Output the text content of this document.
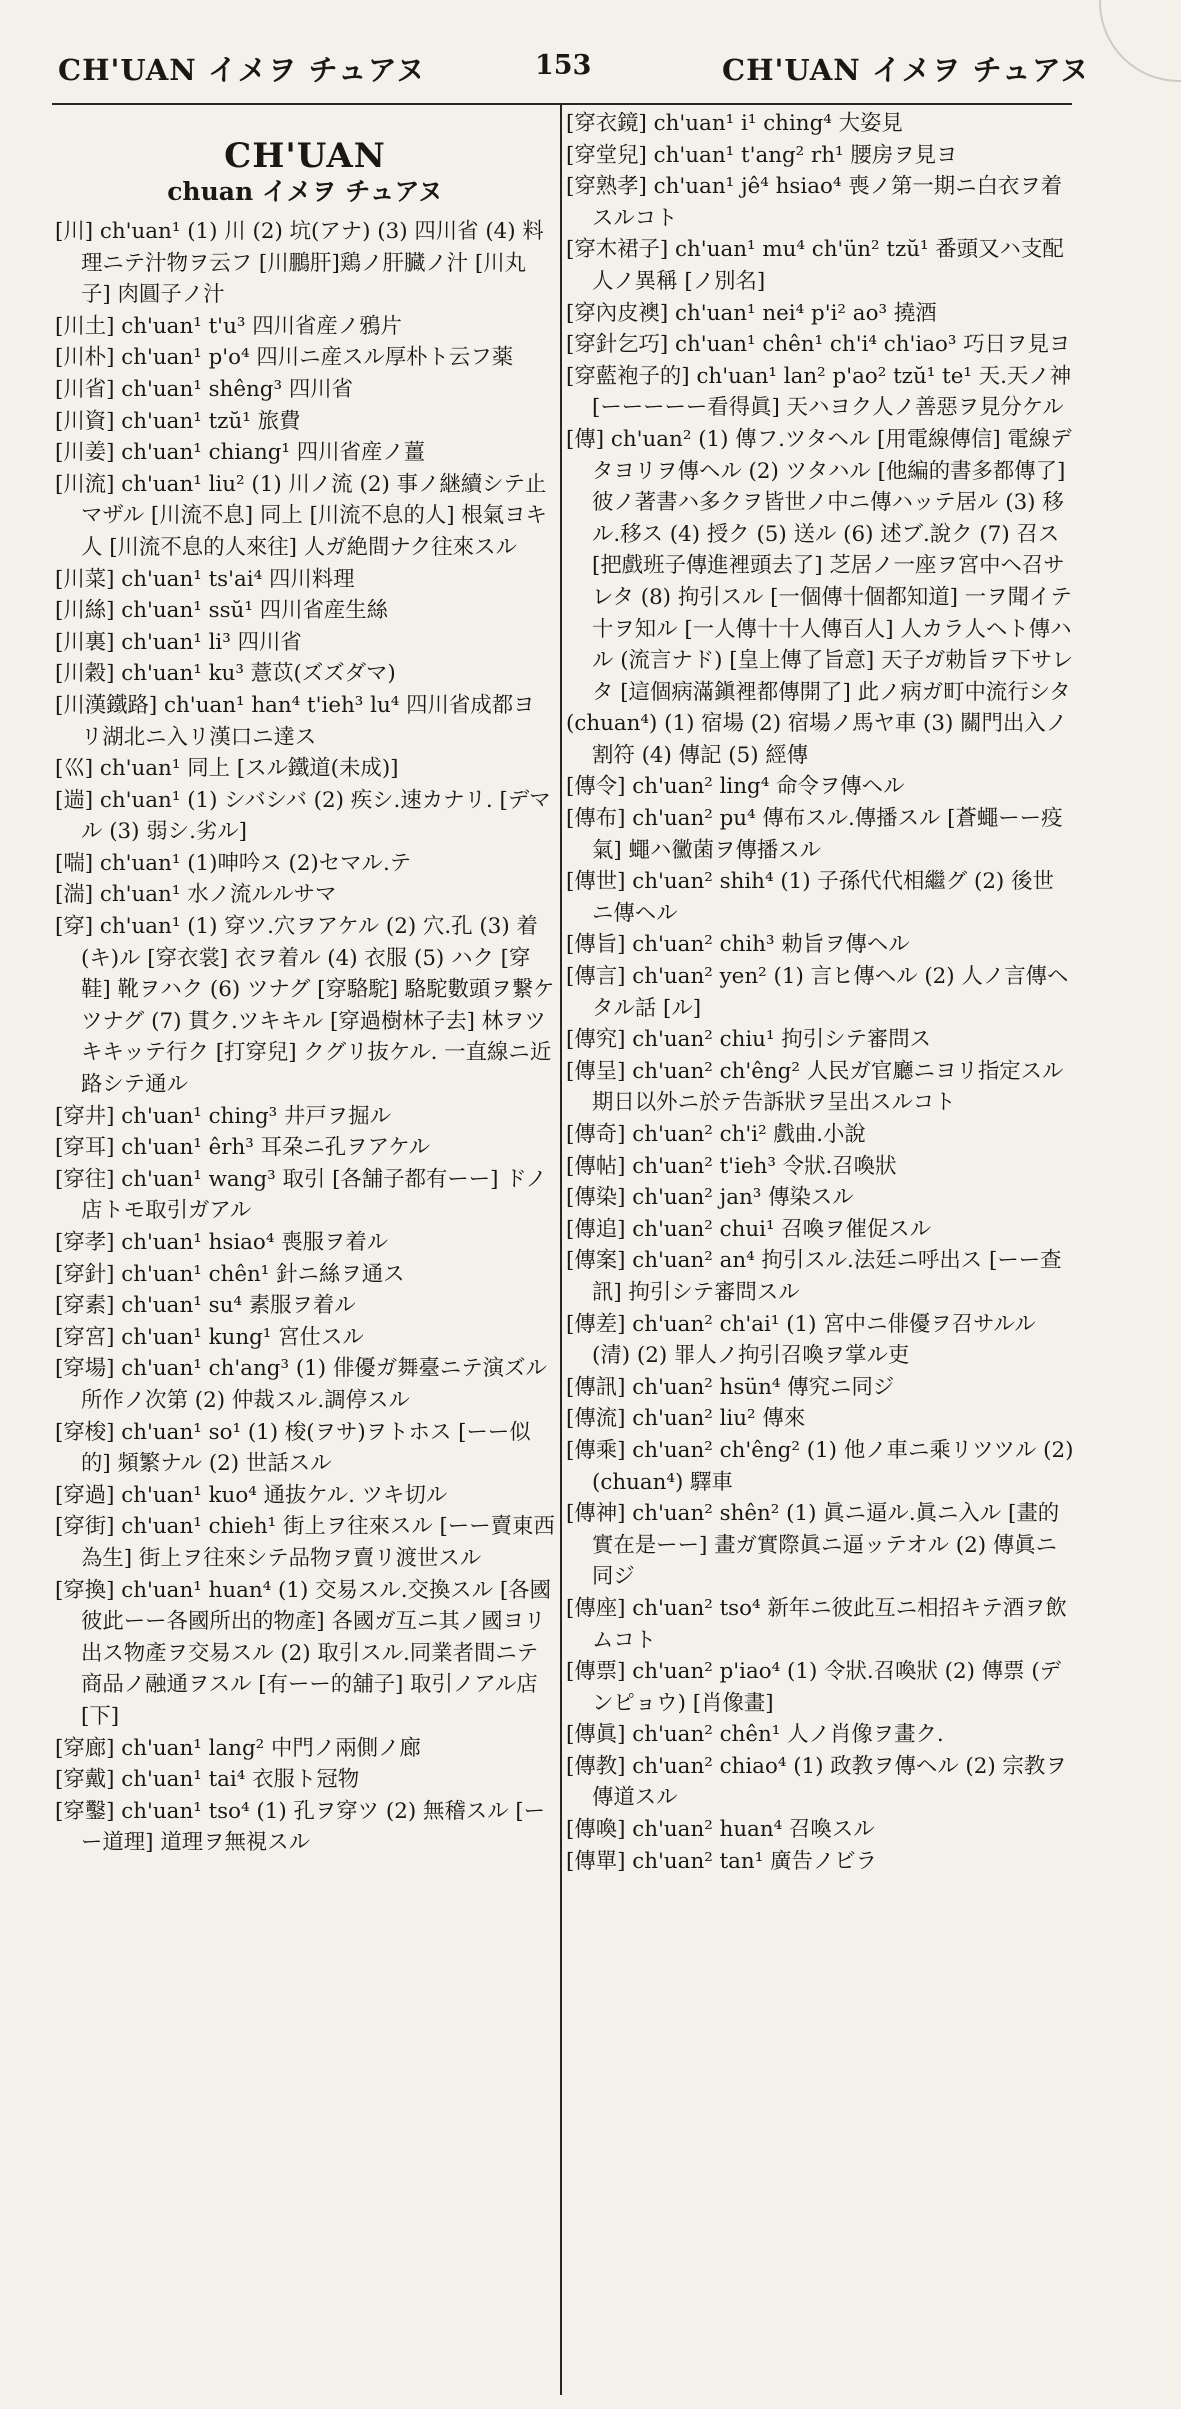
CH'UAN イメヲ チュアヌ	153	CH'UAN イメヲ チュアヌ
CH'UAN
chuan イメヲ チュアヌ
[川] ch'uan¹ (1) 川 (2) 坑(アナ) (3) 四川省 (4) 料理ニテ汁物ヲ云フ [川鵬肝]鶏ノ肝臓ノ汁 [川丸子] 肉圓子ノ汁
[川土] ch'uan¹ t'u³ 四川省産ノ鴉片
[川朴] ch'uan¹ p'o⁴ 四川ニ産スル厚朴ト云フ薬
[川省] ch'uan¹ shêng³ 四川省
[川資] ch'uan¹ tzŭ¹ 旅費
[川姜] ch'uan¹ chiang¹ 四川省産ノ薑
[川流] ch'uan¹ liu² (1) 川ノ流 (2) 事ノ継續シテ止マザル [川流不息] 同上 [川流不息的人] 根氣ヨキ人 [川流不息的人來往] 人ガ絶間ナク往來スル
[川菜] ch'uan¹ ts'ai⁴ 四川料理
[川絲] ch'uan¹ ssŭ¹ 四川省産生絲
[川裏] ch'uan¹ li³ 四川省
[川穀] ch'uan¹ ku³ 薏苡(ズズダマ)
[川漢鐵路] ch'uan¹ han⁴ t'ieh³ lu⁴ 四川省成都ヨリ湖北ニ入リ漢口ニ達ス
[巛] ch'uan¹ 同上 [スル鐵道(未成)]
[遄] ch'uan¹ (1) シバシバ (2) 疾シ.速カナリ. [デマル (3) 弱シ.劣ル]
[喘] ch'uan¹ (1)呻吟ス (2)セマル.テ
[湍] ch'uan¹ 水ノ流ルルサマ
[穿] ch'uan¹ (1) 穿ツ.穴ヲアケル (2) 穴.孔 (3) 着(キ)ル [穿衣裳] 衣ヲ着ル (4) 衣服 (5) ハク [穿鞋] 靴ヲハク (6) ツナグ [穿駱駝] 駱駝數頭ヲ繋ケツナグ (7) 貫ク.ツキキル [穿過樹林子去] 林ヲツキキッテ行ク [打穿兒] クグリ抜ケル. 一直線ニ近路シテ通ル
[穿井] ch'uan¹ ching³ 井戸ヲ掘ル
[穿耳] ch'uan¹ êrh³ 耳朶ニ孔ヲアケル
[穿往] ch'uan¹ wang³ 取引 [各舗子都有ーー] ドノ店トモ取引ガアル
[穿孝] ch'uan¹ hsiao⁴ 喪服ヲ着ル
[穿針] ch'uan¹ chên¹ 針ニ絲ヲ通ス
[穿素] ch'uan¹ su⁴ 素服ヲ着ル
[穿宮] ch'uan¹ kung¹ 宮仕スル
[穿場] ch'uan¹ ch'ang³ (1) 俳優ガ舞臺ニテ演ズル所作ノ次第 (2) 仲裁スル.調停スル
[穿梭] ch'uan¹ so¹ (1) 梭(ヲサ)ヲトホス [ーー似的] 頻繁ナル (2) 世話スル
[穿過] ch'uan¹ kuo⁴ 通抜ケル. ツキ切ル
[穿街] ch'uan¹ chieh¹ 街上ヲ往來スル [ーー賣東西為生] 街上ヲ往來シテ品物ヲ賣リ渡世スル
[穿換] ch'uan¹ huan⁴ (1) 交易スル.交換スル [各國彼此ーー各國所出的物產] 各國ガ互ニ其ノ國ヨリ出ス物產ヲ交易スル (2) 取引スル.同業者間ニテ商品ノ融通ヲスル [有ーー的舖子] 取引ノアル店 [下]
[穿廊] ch'uan¹ lang² 中門ノ兩側ノ廊
[穿戴] ch'uan¹ tai⁴ 衣服ト冠物
[穿鑿] ch'uan¹ tso⁴ (1) 孔ヲ穿ツ (2) 無稽スル [ーー道理] 道理ヲ無視スル
[穿衣鏡] ch'uan¹ i¹ ching⁴ 大姿見
[穿堂兒] ch'uan¹ t'ang² rh¹ 腰房ヲ見ヨ
[穿熟孝] ch'uan¹ jê⁴ hsiao⁴ 喪ノ第一期ニ白衣ヲ着スルコト
[穿木裙子] ch'uan¹ mu⁴ ch'ün² tzŭ¹ 番頭又ハ支配人ノ異稱 [ノ別名]
[穿內皮襖] ch'uan¹ nei⁴ p'i² ao³ 撓酒
[穿針乞巧] ch'uan¹ chên¹ ch'i⁴ ch'iao³ 巧日ヲ見ヨ
[穿藍袍子的] ch'uan¹ lan² p'ao² tzŭ¹ te¹ 天.天ノ神 [ーーーーー看得眞] 天ハヨク人ノ善惡ヲ見分ケル
[傳] ch'uan² (1) 傳フ.ツタヘル [用電線傳信] 電線デタヨリヲ傳ヘル (2) ツタハル [他編的書多都傳了] 彼ノ著書ハ多クヲ皆世ノ中ニ傳ハッテ居ル (3) 移ル.移ス (4) 授ク (5) 送ル (6) 述ブ.說ク (7) 召ス [把戲班子傳進裡頭去了] 芝居ノ一座ヲ宮中ヘ召サレタ (8) 拘引スル [一個傳十個都知道] 一ヲ聞イテ十ヲ知ル [一人傳十十人傳百人] 人カラ人ヘト傳ハル (流言ナド) [皇上傳了旨意] 天子ガ勅旨ヲ下サレタ [這個病滿鎭裡都傳開了] 此ノ病ガ町中流行シタ
(chuan⁴) (1) 宿場 (2) 宿場ノ馬ヤ車 (3) 關門出入ノ割符 (4) 傳記 (5) 經傳
[傳令] ch'uan² ling⁴ 命令ヲ傳ヘル
[傳布] ch'uan² pu⁴ 傳布スル.傳播スル [蒼蠅ーー疫氣] 蠅ハ黴菌ヲ傳播スル
[傳世] ch'uan² shih⁴ (1) 子孫代代相繼グ (2) 後世ニ傳ヘル
[傳旨] ch'uan² chih³ 勅旨ヲ傳ヘル
[傳言] ch'uan² yen² (1) 言ヒ傳ヘル (2) 人ノ言傳ヘタル話 [ル]
[傳究] ch'uan² chiu¹ 拘引シテ審問ス
[傳呈] ch'uan² ch'êng² 人民ガ官廳ニヨリ指定スル期日以外ニ於テ告訴狀ヲ呈出スルコト
[傳奇] ch'uan² ch'i² 戲曲.小說
[傳帖] ch'uan² t'ieh³ 令狀.召喚狀
[傳染] ch'uan² jan³ 傳染スル
[傳追] ch'uan² chui¹ 召喚ヲ催促スル
[傳案] ch'uan² an⁴ 拘引スル.法廷ニ呼出ス [ーー查訊] 拘引シテ審問スル
[傳差] ch'uan² ch'ai¹ (1) 宮中ニ俳優ヲ召サルル (清) (2) 罪人ノ拘引召喚ヲ掌ル吏
[傳訊] ch'uan² hsün⁴ 傳究ニ同ジ
[傳流] ch'uan² liu² 傳來
[傳乘] ch'uan² ch'êng² (1) 他ノ車ニ乘リツツル (2) (chuan⁴) 驛車
[傳神] ch'uan² shên² (1) 眞ニ逼ル.眞ニ入ル [畫的實在是ーー] 畫ガ實際眞ニ逼ッテオル (2) 傳眞ニ同ジ
[傳座] ch'uan² tso⁴ 新年ニ彼此互ニ相招キテ酒ヲ飲ムコト
[傳票] ch'uan² p'iao⁴ (1) 令狀.召喚狀 (2) 傳票 (デンピョウ) [肖像畫]
[傳眞] ch'uan² chên¹ 人ノ肖像ヲ畫ク.
[傳教] ch'uan² chiao⁴ (1) 政教ヲ傳ヘル (2) 宗教ヲ傳道スル
[傳喚] ch'uan² huan⁴ 召喚スル
[傳單] ch'uan² tan¹ 廣告ノビラ
